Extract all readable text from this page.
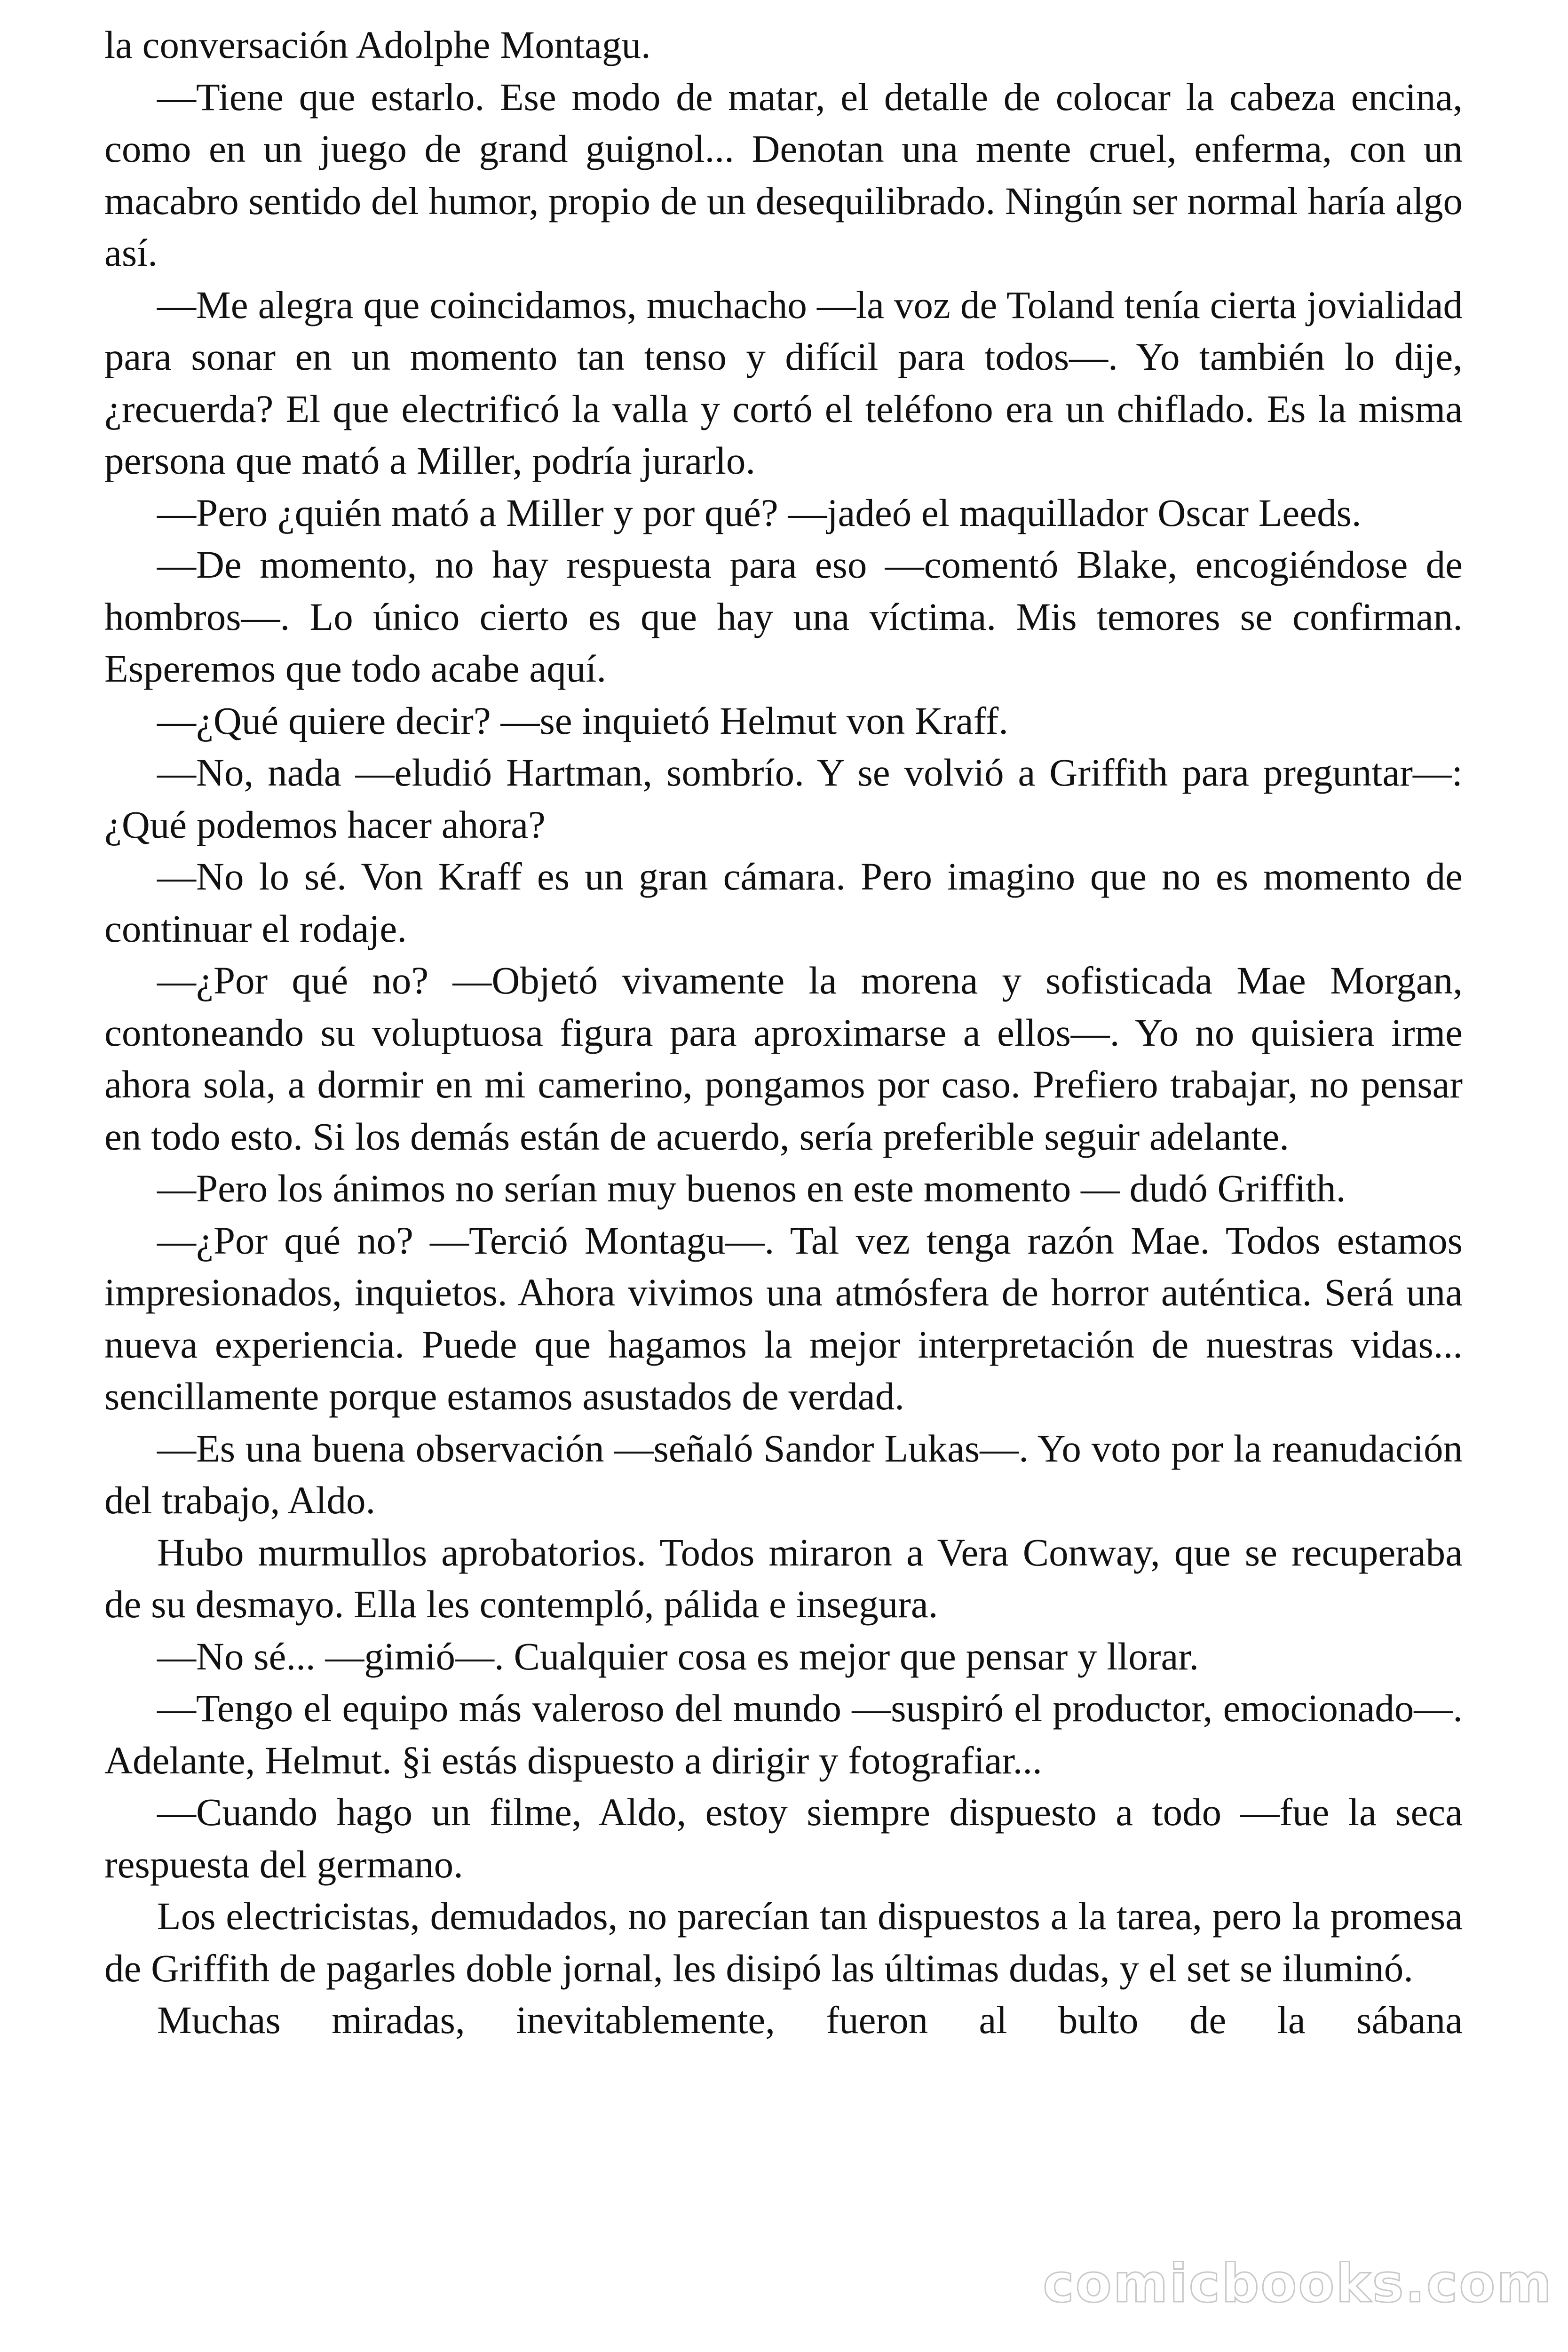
la conversación Adolphe Montagu.

—Tiene que estarlo. Ese modo de matar, el detalle de colocar la cabeza encina, como en un juego de grand guignol... Denotan una mente cruel, enferma, con un macabro sentido del humor, propio de un desequilibrado. Ningún ser normal haría algo así.

—Me alegra que coincidamos, muchacho —la voz de Toland tenía cierta jovialidad para sonar en un momento tan tenso y difícil para todos—. Yo también lo dije, ¿recuerda? El que electrificó la valla y cortó el teléfono era un chiflado. Es la misma persona que mató a Miller, podría jurarlo.

—Pero ¿quién mató a Miller y por qué? —jadeó el maquillador Oscar Leeds.

—De momento, no hay respuesta para eso —comentó Blake, encogiéndose de hombros—. Lo único cierto es que hay una víctima. Mis temores se confirman. Esperemos que todo acabe aquí.

—¿Qué quiere decir? —se inquietó Helmut von Kraff.

—No, nada —eludió Hartman, sombrío. Y se volvió a Griffith para preguntar—: ¿Qué podemos hacer ahora?

—No lo sé. Von Kraff es un gran cámara. Pero imagino que no es momento de continuar el rodaje.

—¿Por qué no? —Objetó vivamente la morena y sofisticada Mae Morgan, contoneando su voluptuosa figura para aproximarse a ellos—. Yo no quisiera irme ahora sola, a dormir en mi camerino, pongamos por caso. Prefiero trabajar, no pensar en todo esto. Si los demás están de acuerdo, sería preferible seguir adelante.

—Pero los ánimos no serían muy buenos en este momento — dudó Griffith.

—¿Por qué no? —Terció Montagu—. Tal vez tenga razón Mae. Todos estamos impresionados, inquietos. Ahora vivimos una atmósfera de horror auténtica. Será una nueva experiencia. Puede que hagamos la mejor interpretación de nuestras vidas... sencillamente porque estamos asustados de verdad.

—Es una buena observación —señaló Sandor Lukas—. Yo voto por la reanudación del trabajo, Aldo.

Hubo murmullos aprobatorios. Todos miraron a Vera Conway, que se recuperaba de su desmayo. Ella les contempló, pálida e insegura.

—No sé... —gimió—. Cualquier cosa es mejor que pensar y llorar.

—Tengo el equipo más valeroso del mundo —suspiró el productor, emocionado—. Adelante, Helmut. §i estás dispuesto a dirigir y fotografiar...

—Cuando hago un filme, Aldo, estoy siempre dispuesto a todo —fue la seca respuesta del germano.

Los electricistas, demudados, no parecían tan dispuestos a la tarea, pero la promesa de Griffith de pagarles doble jornal, les disipó las últimas dudas, y el set se iluminó.

Muchas miradas, inevitablemente, fueron al bulto de la sábana

comicbooks.com
